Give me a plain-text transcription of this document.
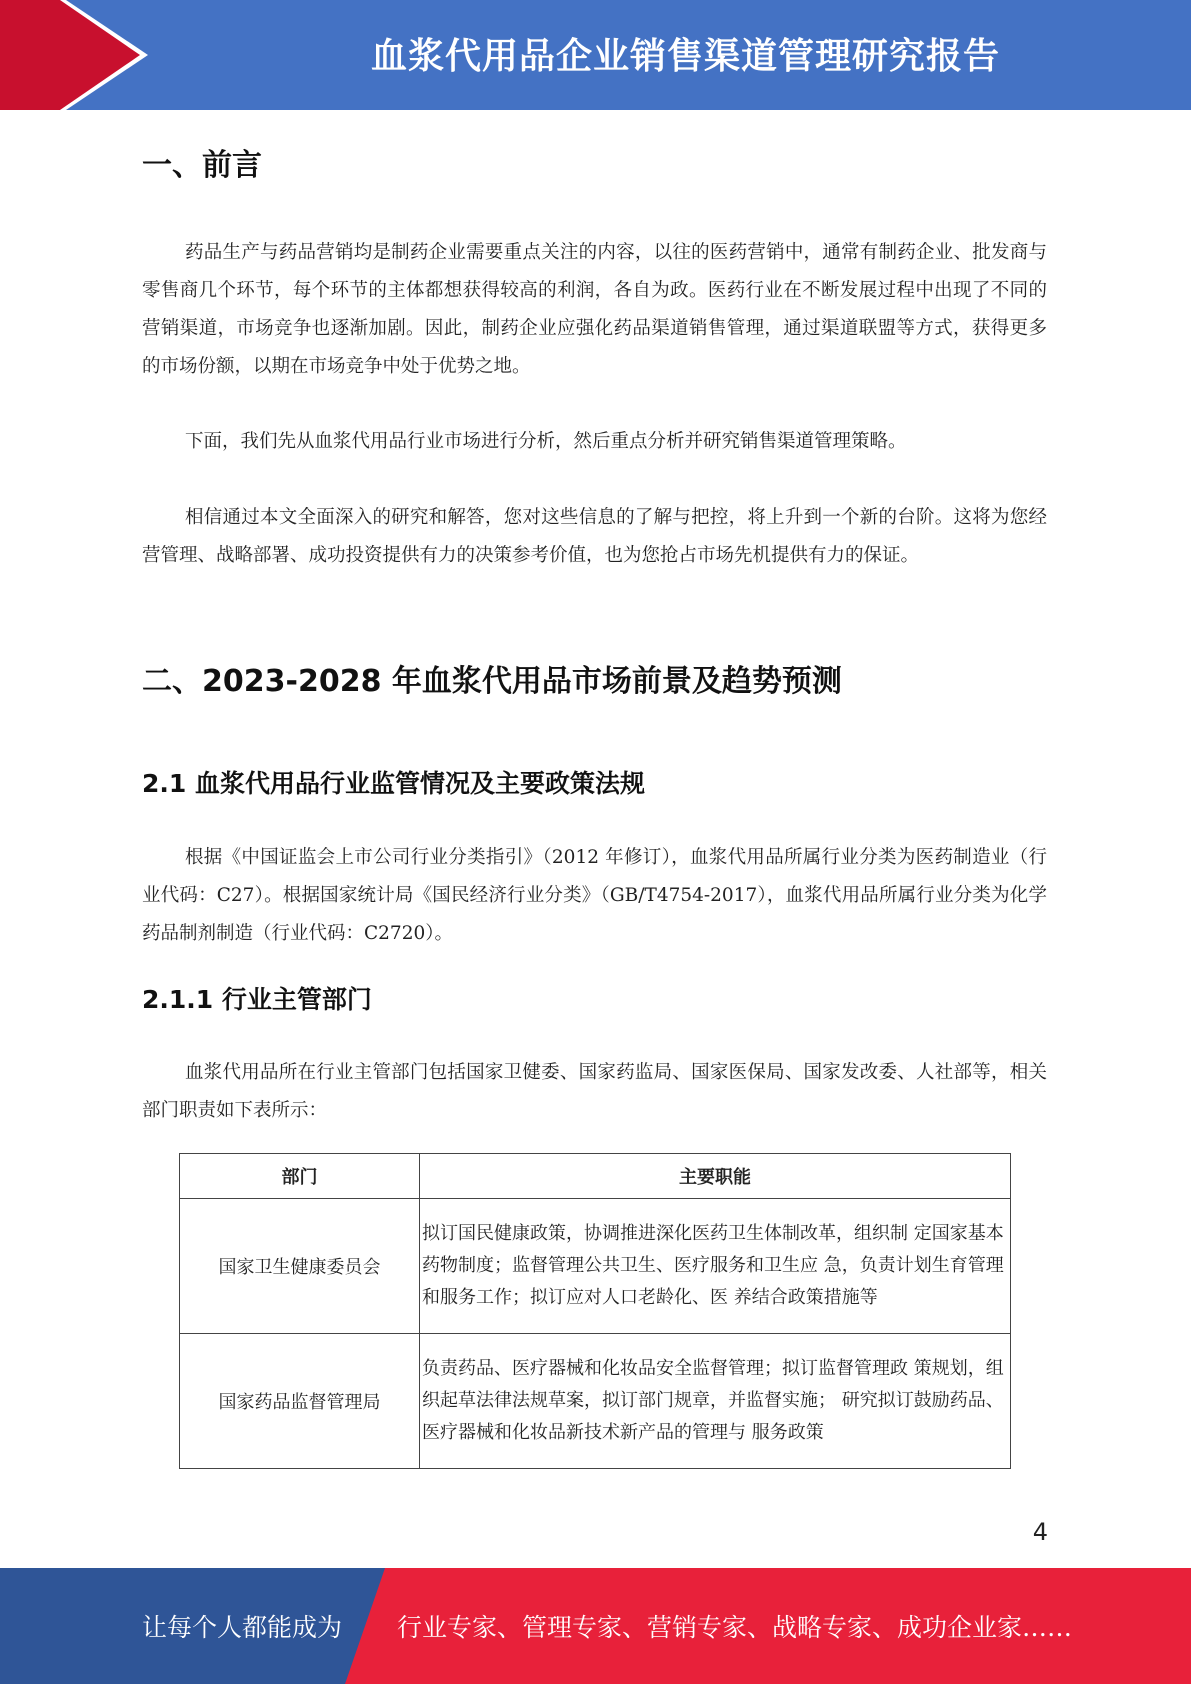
血浆代用品企业销售渠道管理研究报告
一、前言

药品生产与药品营销均是制药企业需要重点关注的内容，以往的医药营销中，通常有制药企业、批发商与零售商几个环节，每个环节的主体都想获得较高的利润，各自为政。医药行业在不断发展过程中出现了不同的营销渠道，市场竞争也逐渐加剧。因此，制药企业应强化药品渠道销售管理，通过渠道联盟等方式，获得更多的市场份额，以期在市场竞争中处于优势之地。

下面，我们先从血浆代用品行业市场进行分析，然后重点分析并研究销售渠道管理策略。

相信通过本文全面深入的研究和解答，您对这些信息的了解与把控，将上升到一个新的台阶。这将为您经营管理、战略部署、成功投资提供有力的决策参考价值，也为您抢占市场先机提供有力的保证。

二、2023-2028 年血浆代用品市场前景及趋势预测
2.1 血浆代用品行业监管情况及主要政策法规

根据《中国证监会上市公司行业分类指引》（2012 年修订），血浆代用品所属行业分类为医药制造业（行业代码：C27）。根据国家统计局《国民经济行业分类》（GB/T4754-2017），血浆代用品所属行业分类为化学药品制剂制造（行业代码：C2720）。

2.1.1 行业主管部门

血浆代用品所在行业主管部门包括国家卫健委、国家药监局、国家医保局、国家发改委、人社部等，相关部门职责如下表所示：

部门	主要职能
国家卫生健康委员会	拟订国民健康政策，协调推进深化医药卫生体制改革，组织制 定国家基本药物制度；监督管理公共卫生、医疗服务和卫生应 急，负责计划生育管理和服务工作；拟订应对人口老龄化、医 养结合政策措施等
国家药品监督管理局	负责药品、医疗器械和化妆品安全监督管理；拟订监督管理政 策规划，组织起草法律法规草案，拟订部门规章，并监督实施； 研究拟订鼓励药品、医疗器械和化妆品新技术新产品的管理与 服务政策
4
让每个人都能成为 行业专家、管理专家、营销专家、战略专家、成功企业家……
